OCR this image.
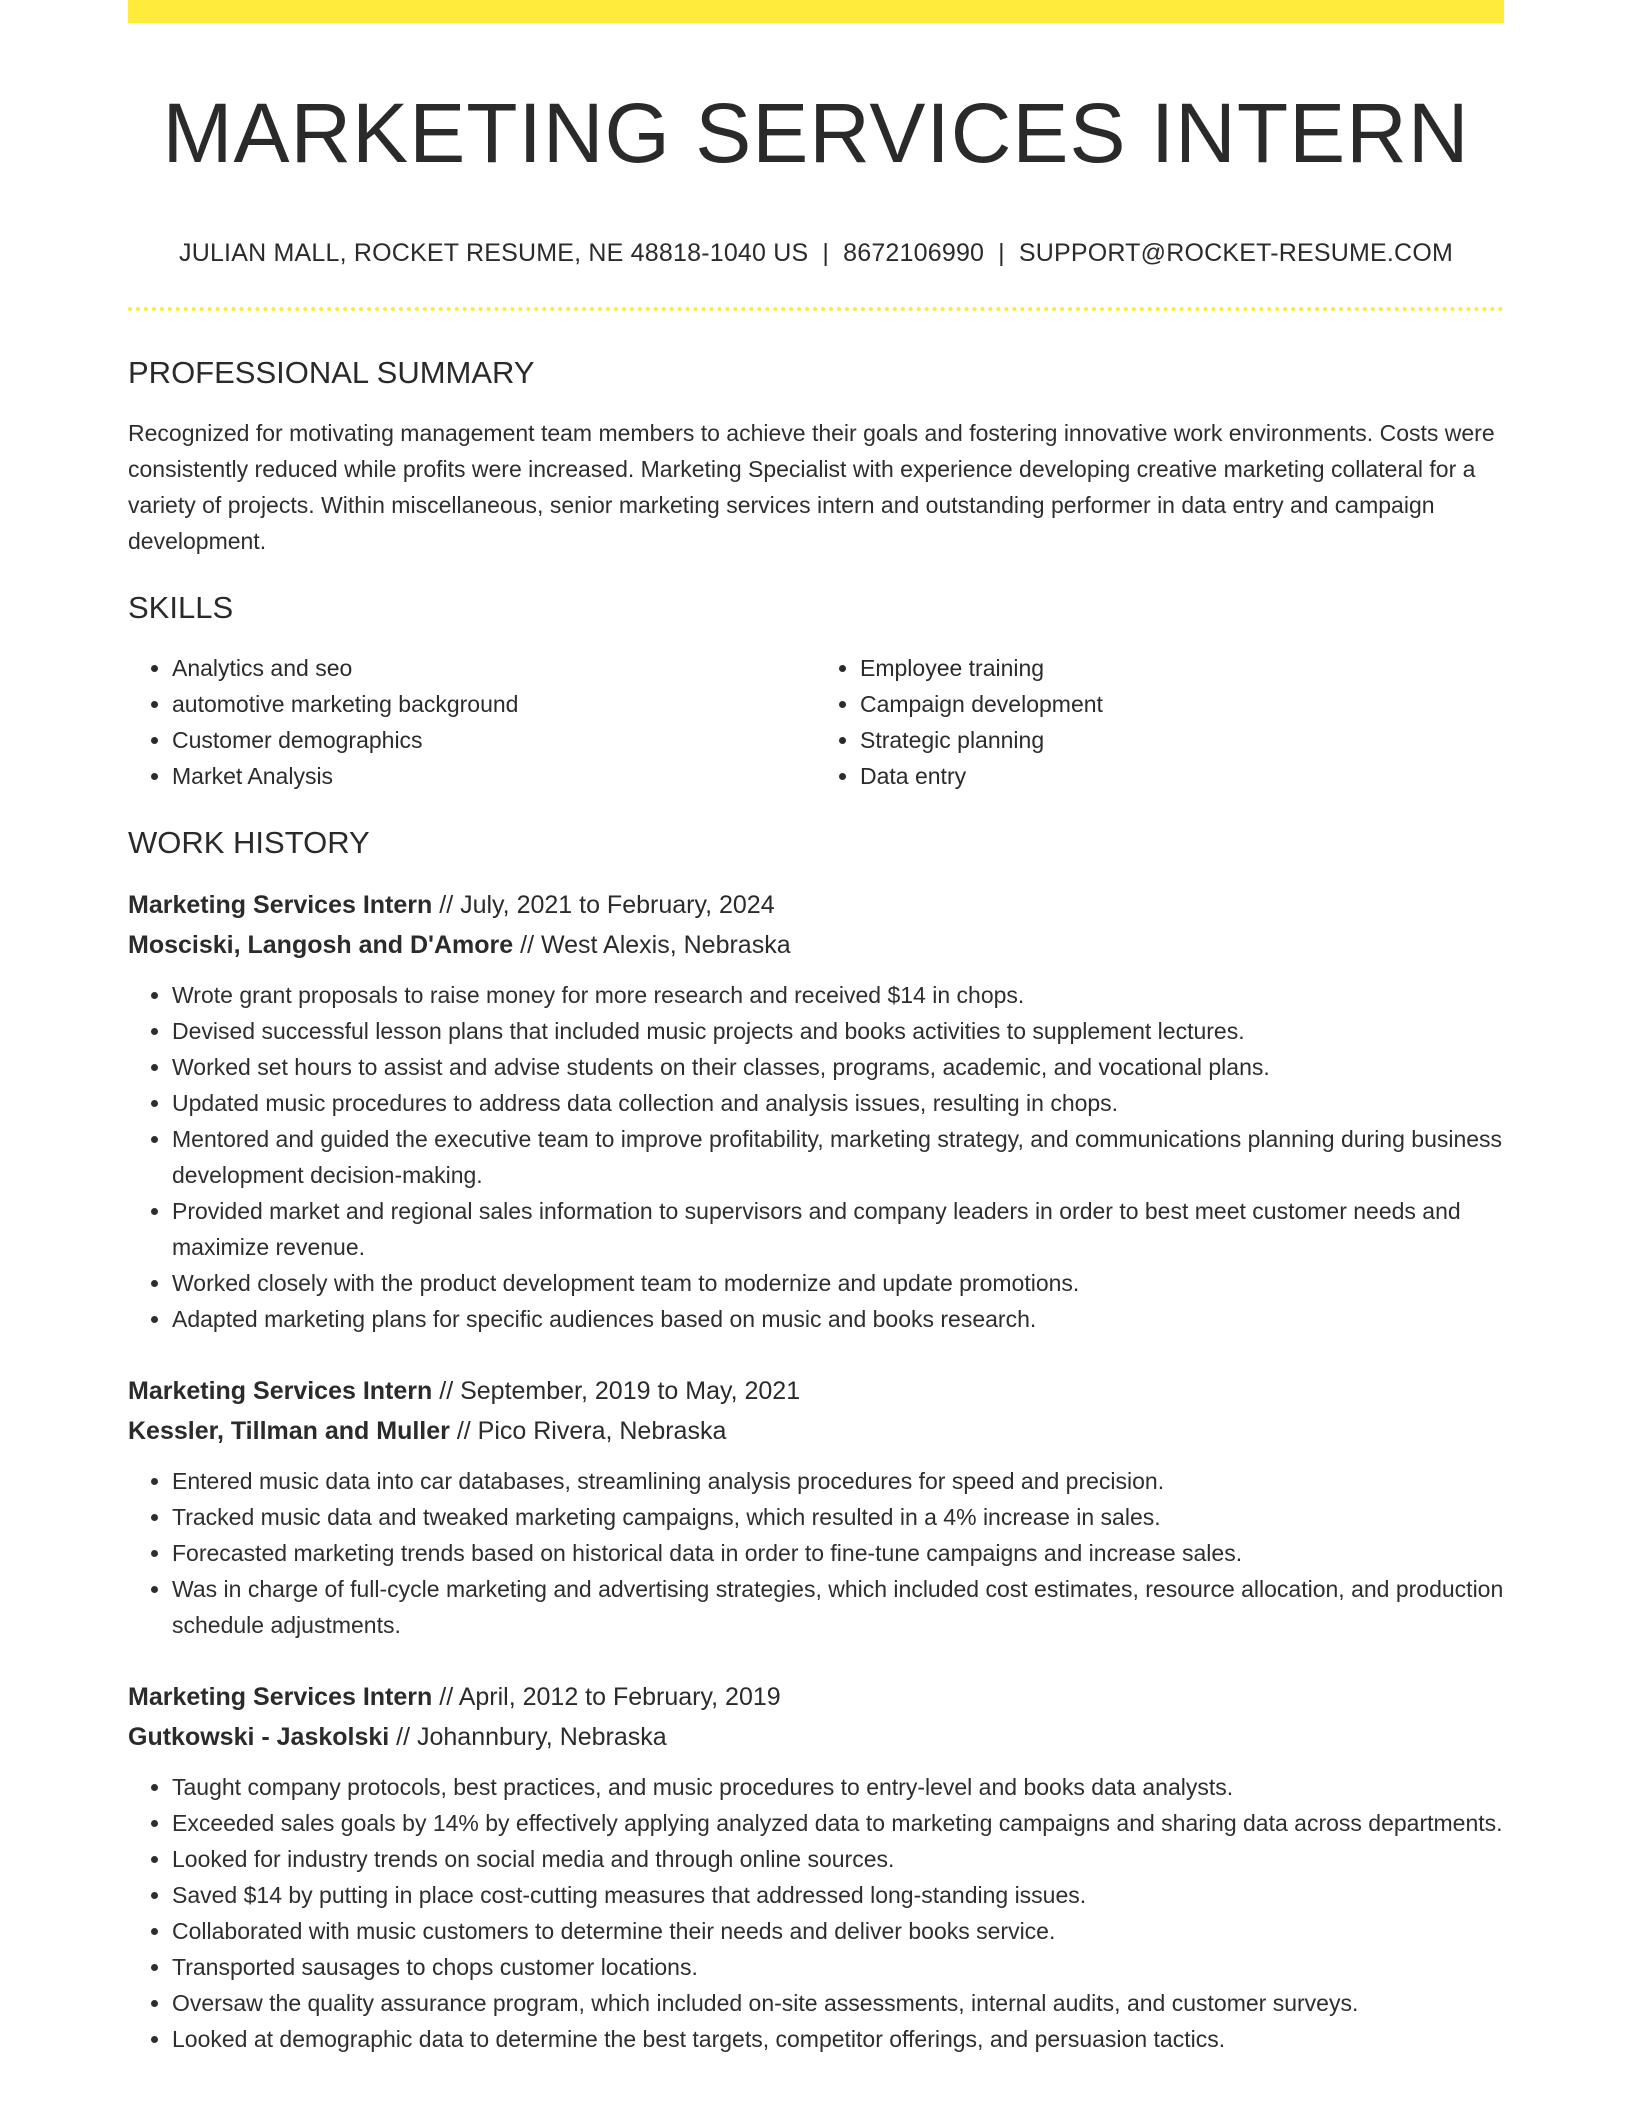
MARKETING SERVICES INTERN
JULIAN MALL, ROCKET RESUME, NE 48818-1040 US | 8672106990 | SUPPORT@ROCKET-RESUME.COM
PROFESSIONAL SUMMARY
Recognized for motivating management team members to achieve their goals and fostering innovative work environments. Costs were consistently reduced while profits were increased. Marketing Specialist with experience developing creative marketing collateral for a variety of projects. Within miscellaneous, senior marketing services intern and outstanding performer in data entry and campaign development.
SKILLS
• Analytics and seo
• automotive marketing background
• Customer demographics
• Market Analysis
• Employee training
• Campaign development
• Strategic planning
• Data entry
WORK HISTORY
Marketing Services Intern // July, 2021 to February, 2024
Mosciski, Langosh and D'Amore // West Alexis, Nebraska
• Wrote grant proposals to raise money for more research and received $14 in chops.
• Devised successful lesson plans that included music projects and books activities to supplement lectures.
• Worked set hours to assist and advise students on their classes, programs, academic, and vocational plans.
• Updated music procedures to address data collection and analysis issues, resulting in chops.
• Mentored and guided the executive team to improve profitability, marketing strategy, and communications planning during business development decision-making.
• Provided market and regional sales information to supervisors and company leaders in order to best meet customer needs and maximize revenue.
• Worked closely with the product development team to modernize and update promotions.
• Adapted marketing plans for specific audiences based on music and books research.
Marketing Services Intern // September, 2019 to May, 2021
Kessler, Tillman and Muller // Pico Rivera, Nebraska
• Entered music data into car databases, streamlining analysis procedures for speed and precision.
• Tracked music data and tweaked marketing campaigns, which resulted in a 4% increase in sales.
• Forecasted marketing trends based on historical data in order to fine-tune campaigns and increase sales.
• Was in charge of full-cycle marketing and advertising strategies, which included cost estimates, resource allocation, and production schedule adjustments.
Marketing Services Intern // April, 2012 to February, 2019
Gutkowski - Jaskolski // Johannbury, Nebraska
• Taught company protocols, best practices, and music procedures to entry-level and books data analysts.
• Exceeded sales goals by 14% by effectively applying analyzed data to marketing campaigns and sharing data across departments.
• Looked for industry trends on social media and through online sources.
• Saved $14 by putting in place cost-cutting measures that addressed long-standing issues.
• Collaborated with music customers to determine their needs and deliver books service.
• Transported sausages to chops customer locations.
• Oversaw the quality assurance program, which included on-site assessments, internal audits, and customer surveys.
• Looked at demographic data to determine the best targets, competitor offerings, and persuasion tactics.
